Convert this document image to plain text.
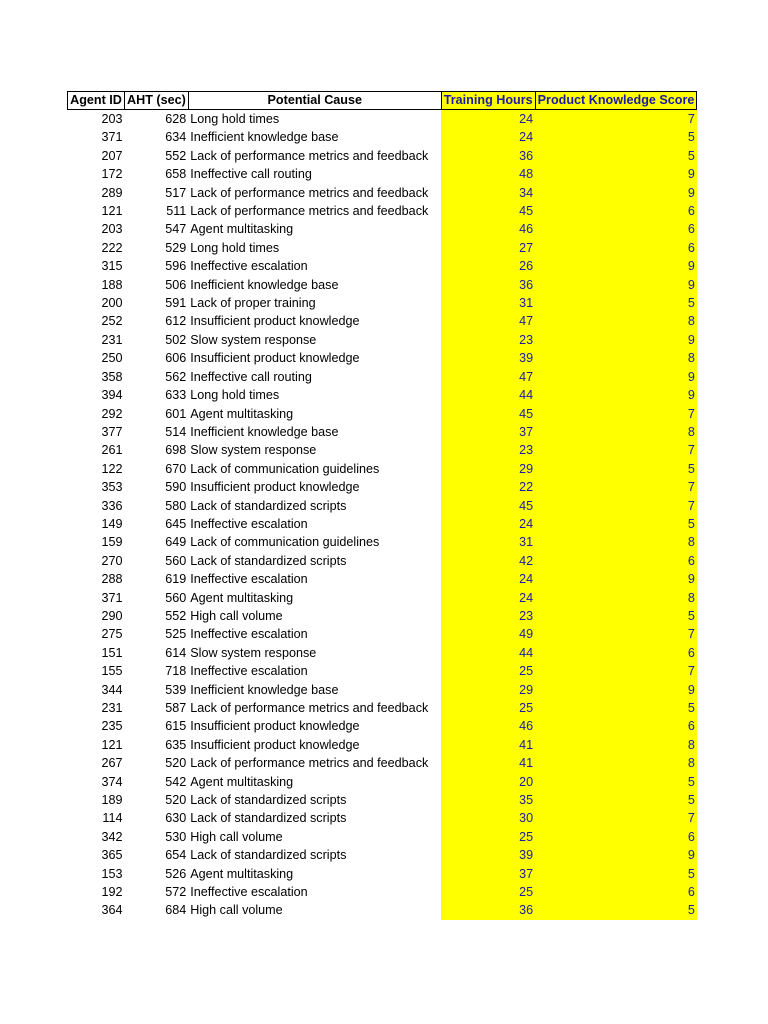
Agent ID	AHT (sec)	Potential Cause	Training Hours	Product Knowledge Score
203	628	Long hold times	24	7
371	634	Inefficient knowledge base	24	5
207	552	Lack of performance metrics and feedback	36	5
172	658	Ineffective call routing	48	9
289	517	Lack of performance metrics and feedback	34	9
121	511	Lack of performance metrics and feedback	45	6
203	547	Agent multitasking	46	6
222	529	Long hold times	27	6
315	596	Ineffective escalation	26	9
188	506	Inefficient knowledge base	36	9
200	591	Lack of proper training	31	5
252	612	Insufficient product knowledge	47	8
231	502	Slow system response	23	9
250	606	Insufficient product knowledge	39	8
358	562	Ineffective call routing	47	9
394	633	Long hold times	44	9
292	601	Agent multitasking	45	7
377	514	Inefficient knowledge base	37	8
261	698	Slow system response	23	7
122	670	Lack of communication guidelines	29	5
353	590	Insufficient product knowledge	22	7
336	580	Lack of standardized scripts	45	7
149	645	Ineffective escalation	24	5
159	649	Lack of communication guidelines	31	8
270	560	Lack of standardized scripts	42	6
288	619	Ineffective escalation	24	9
371	560	Agent multitasking	24	8
290	552	High call volume	23	5
275	525	Ineffective escalation	49	7
151	614	Slow system response	44	6
155	718	Ineffective escalation	25	7
344	539	Inefficient knowledge base	29	9
231	587	Lack of performance metrics and feedback	25	5
235	615	Insufficient product knowledge	46	6
121	635	Insufficient product knowledge	41	8
267	520	Lack of performance metrics and feedback	41	8
374	542	Agent multitasking	20	5
189	520	Lack of standardized scripts	35	5
114	630	Lack of standardized scripts	30	7
342	530	High call volume	25	6
365	654	Lack of standardized scripts	39	9
153	526	Agent multitasking	37	5
192	572	Ineffective escalation	25	6
364	684	High call volume	36	5
